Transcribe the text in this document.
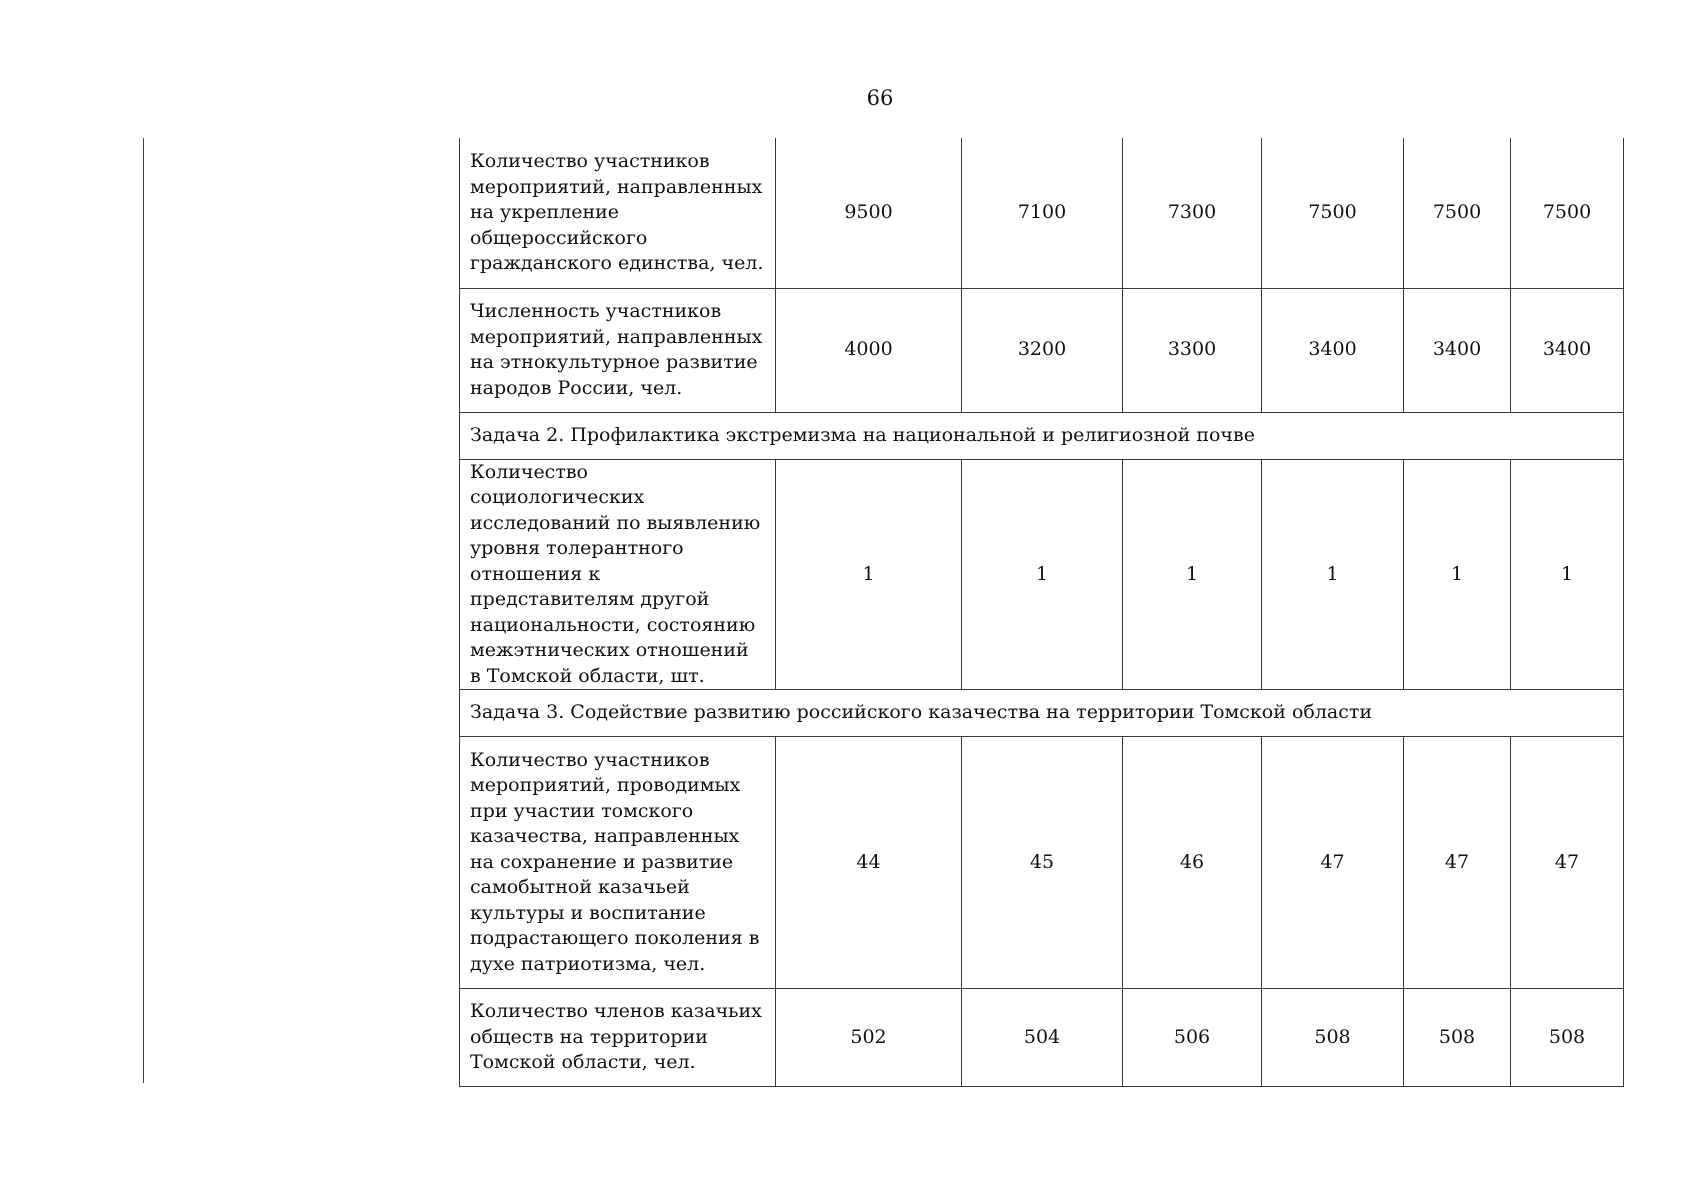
66
Количество участников мероприятий, направленных на укрепление общероссийского гражданского единства, чел.	9500	7100	7300	7500	7500	7500
Численность участников мероприятий, направленных на этнокультурное развитие народов России, чел.	4000	3200	3300	3400	3400	3400
Задача 2. Профилактика экстремизма на национальной и религиозной почве						
Количество социологических исследований по выявлению уровня толерантного отношения к представителям другой национальности, состоянию межэтнических отношений в Томской области, шт.	1	1	1	1	1	1
Задача 3. Содействие развитию российского казачества на территории Томской области						
Количество участников мероприятий, проводимых при участии томского казачества, направленных на сохранение и развитие самобытной казачьей культуры и воспитание подрастающего поколения в духе патриотизма, чел.	44	45	46	47	47	47
Количество членов казачьих обществ на территории Томской области, чел.	502	504	506	508	508	508
